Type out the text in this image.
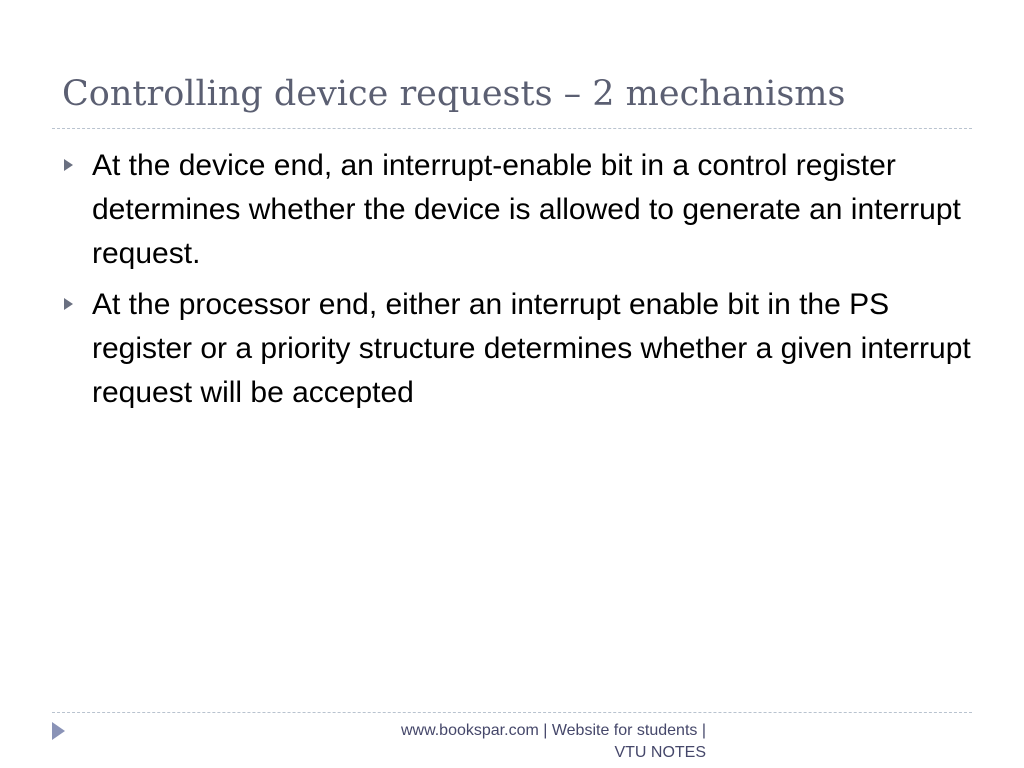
Controlling device requests – 2 mechanisms
At the device end, an interrupt-enable bit in a control register determines whether the device is allowed to generate an interrupt request.
At the processor end, either an interrupt enable bit in the PS register or a priority structure determines whether a given interrupt request will be accepted
www.bookspar.com | Website for students |
VTU NOTES
